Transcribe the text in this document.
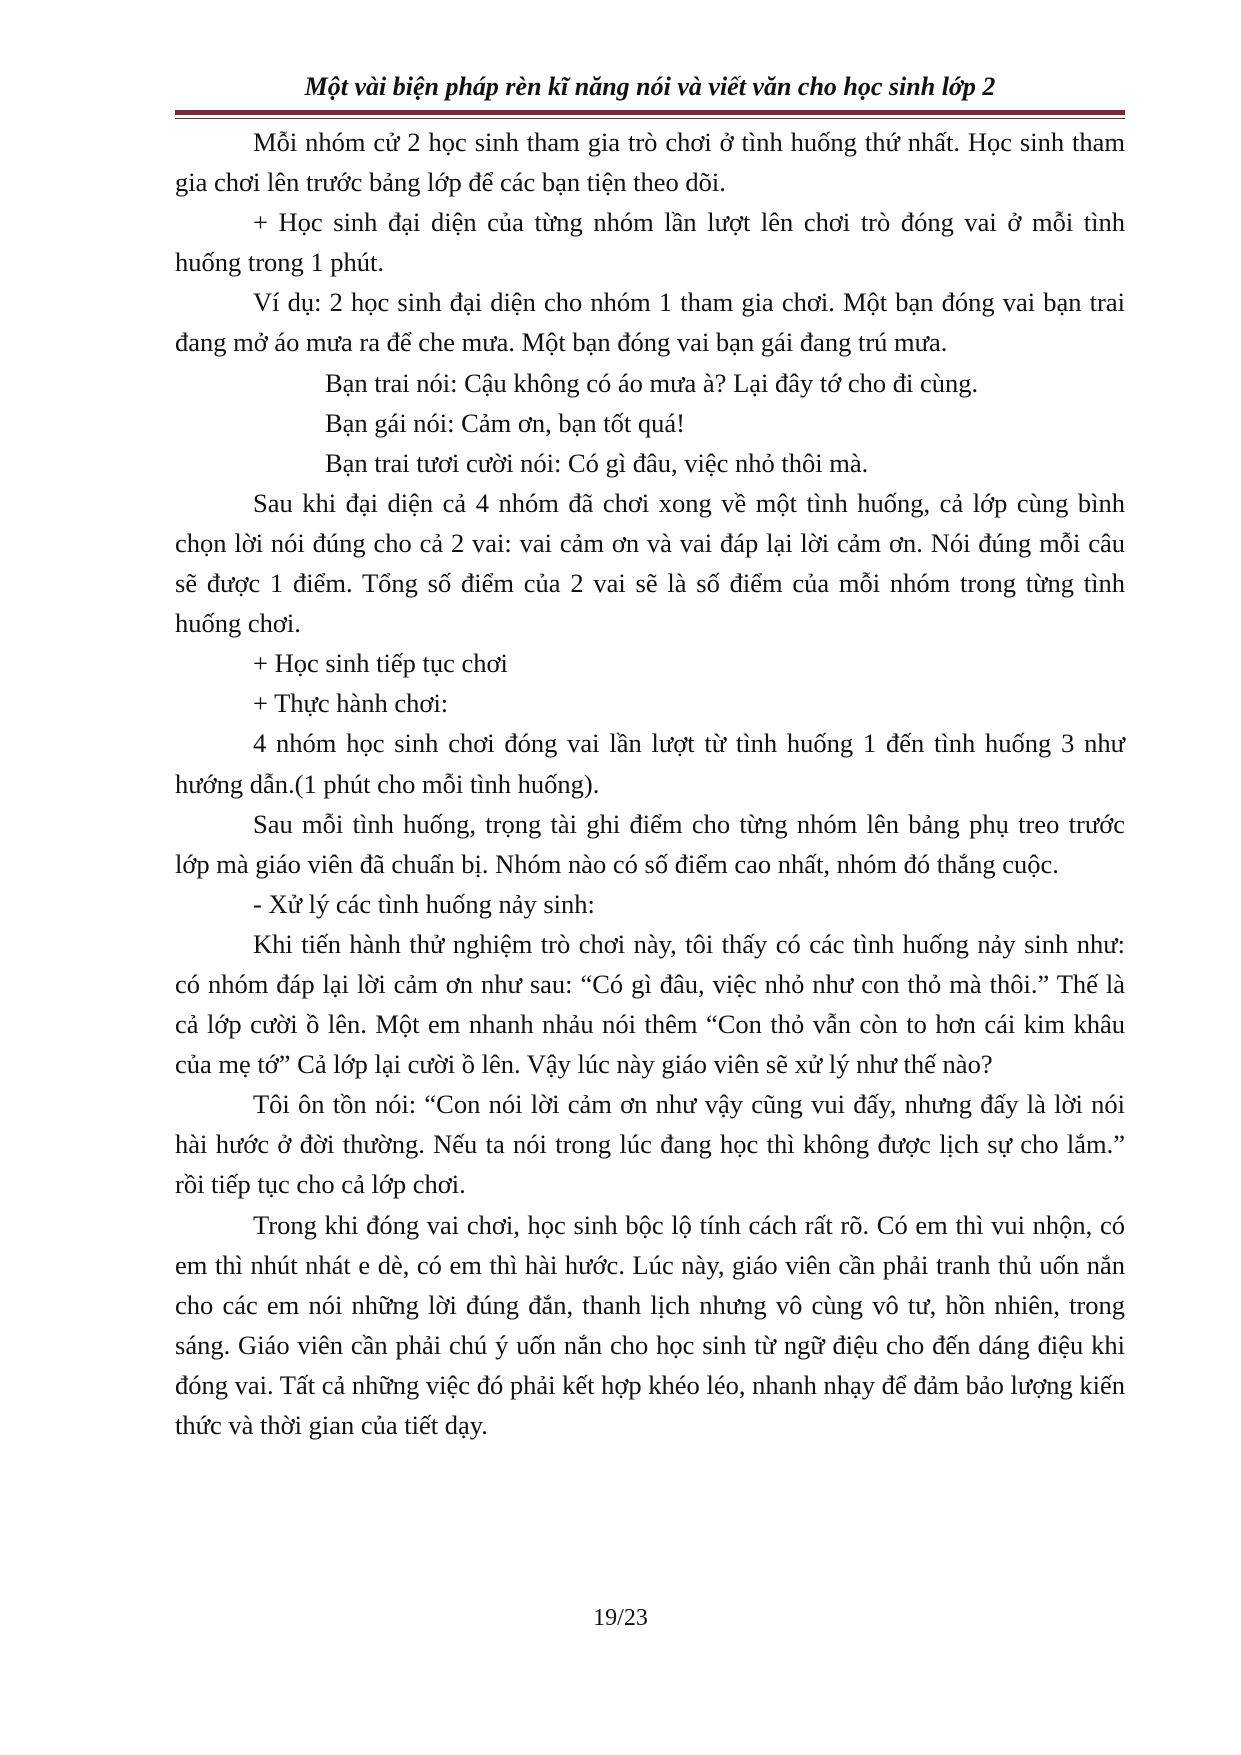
Một vài biện pháp rèn kĩ năng nói và viết văn cho học sinh lớp 2

Mỗi nhóm cử 2 học sinh tham gia trò chơi ở tình huống thứ nhất. Học sinh tham gia chơi lên trước bảng lớp để các bạn tiện theo dõi.

+ Học sinh đại diện của từng nhóm lần lượt lên chơi trò đóng vai ở mỗi tình huống trong 1 phút.

Ví dụ: 2 học sinh đại diện cho nhóm 1 tham gia chơi. Một bạn đóng vai bạn trai đang mở áo mưa ra để che mưa. Một bạn đóng vai bạn gái đang trú mưa.

Bạn trai nói: Cậu không có áo mưa à? Lại đây tớ cho đi cùng.

Bạn gái nói: Cảm ơn, bạn tốt quá!

Bạn trai tươi cười nói: Có gì đâu, việc nhỏ thôi mà.

Sau khi đại diện cả 4 nhóm đã chơi xong về một tình huống, cả lớp cùng bình chọn lời nói đúng cho cả 2 vai: vai cảm ơn và vai đáp lại lời cảm ơn. Nói đúng mỗi câu sẽ được 1 điểm. Tổng số điểm của 2 vai sẽ là số điểm của mỗi nhóm trong từng tình huống chơi.

+ Học sinh tiếp tục chơi

+ Thực hành chơi:

4 nhóm học sinh chơi đóng vai lần lượt từ tình huống 1 đến tình huống 3 như hướng dẫn.(1 phút cho mỗi tình huống).

Sau mỗi tình huống, trọng tài ghi điểm cho từng nhóm lên bảng phụ treo trước lớp mà giáo viên đã chuẩn bị. Nhóm nào có số điểm cao nhất, nhóm đó thắng cuộc.

- Xử lý các tình huống nảy sinh:

Khi tiến hành thử nghiệm trò chơi này, tôi thấy có các tình huống nảy sinh như: có nhóm đáp lại lời cảm ơn như sau: “Có gì đâu, việc nhỏ như con thỏ mà thôi.” Thế là cả lớp cười ồ lên. Một em nhanh nhảu nói thêm “Con thỏ vẫn còn to hơn cái kim khâu của mẹ tớ” Cả lớp lại cười ồ lên. Vậy lúc này giáo viên sẽ xử lý như thế nào?

Tôi ôn tồn nói: “Con nói lời cảm ơn như vậy cũng vui đấy, nhưng đấy là lời nói hài hước ở đời thường. Nếu ta nói trong lúc đang học thì không được lịch sự cho lắm.” rồi tiếp tục cho cả lớp chơi.

Trong khi đóng vai chơi, học sinh bộc lộ tính cách rất rõ. Có em thì vui nhộn, có em thì nhút nhát e dè, có em thì hài hước. Lúc này, giáo viên cần phải tranh thủ uốn nắn cho các em nói những lời đúng đắn, thanh lịch nhưng vô cùng vô tư, hồn nhiên, trong sáng. Giáo viên cần phải chú ý uốn nắn cho học sinh từ ngữ điệu cho đến dáng điệu khi đóng vai. Tất cả những việc đó phải kết hợp khéo léo, nhanh nhạy để đảm bảo lượng kiến thức và thời gian của tiết dạy.

19/23
